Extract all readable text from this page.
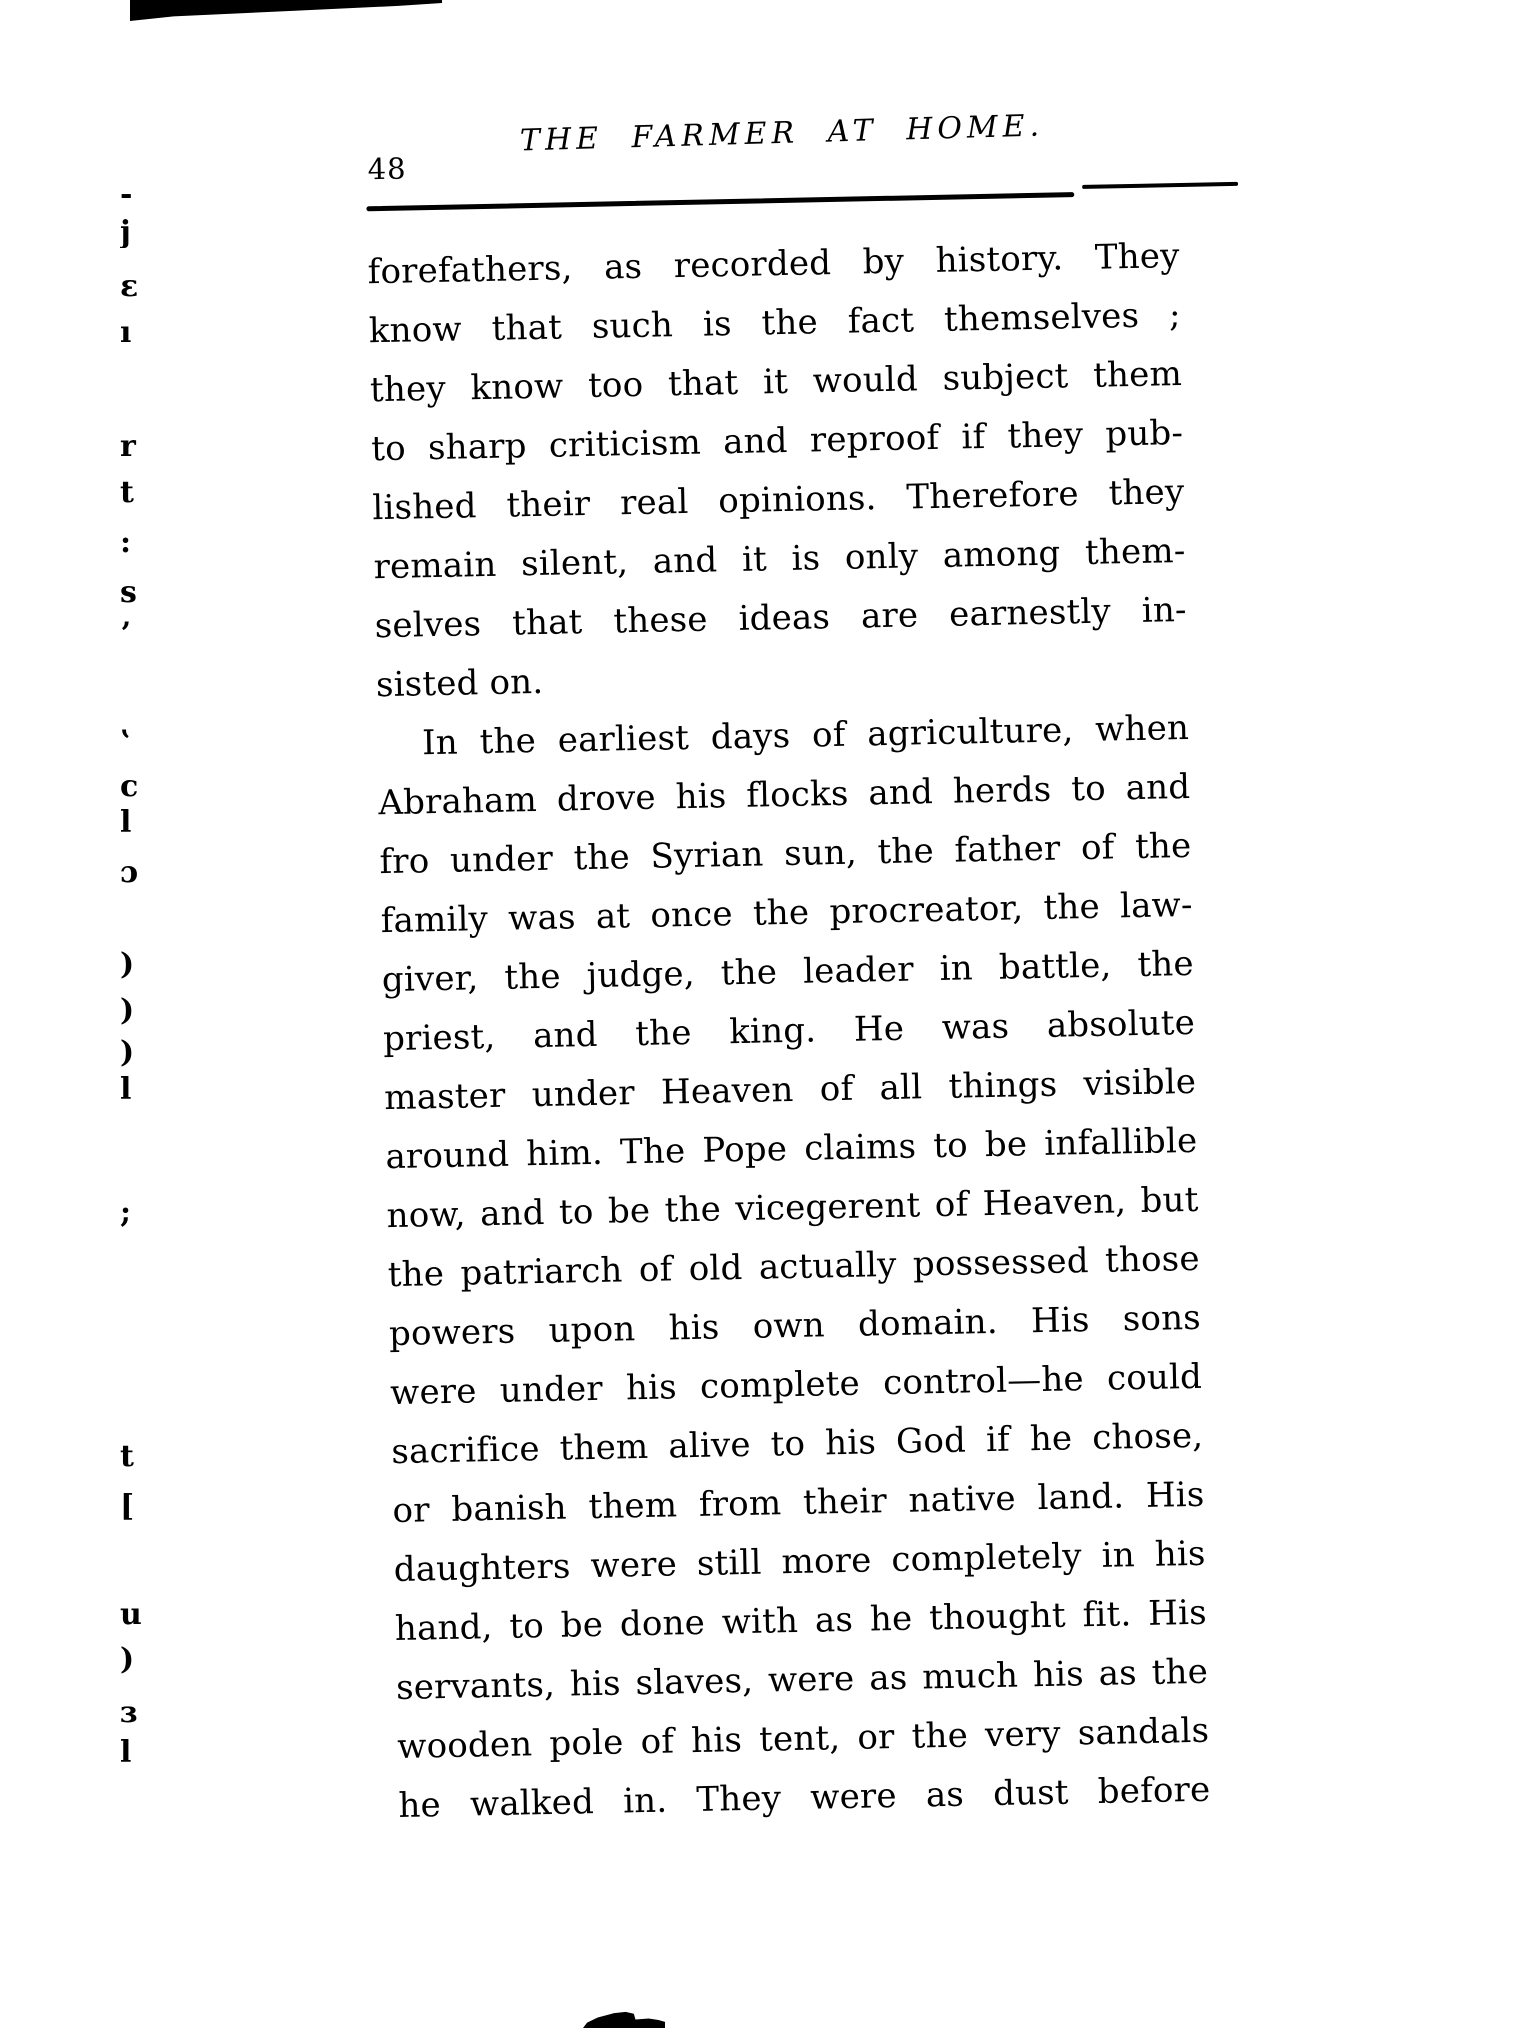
-
j
ɛ
ı
r
t
:
s
ʼ
ʽ
c
l
ɔ
)
)
)
l
;
t
[
u
)
ɜ
l
48
THE FARMER AT HOME.
forefathers, as recorded by history. They
know that such is the fact themselves ;
they know too that it would subject them
to sharp criticism and reproof if they pub-
lished their real opinions. Therefore they
remain silent, and it is only among them-
selves that these ideas are earnestly in-
sisted on.
In the earliest days of agriculture, when
Abraham drove his flocks and herds to and
fro under the Syrian sun, the father of the
family was at once the procreator, the law-
giver, the judge, the leader in battle, the
priest, and the king. He was absolute
master under Heaven of all things visible
around him. The Pope claims to be infallible
now, and to be the vicegerent of Heaven, but
the patriarch of old actually possessed those
powers upon his own domain. His sons
were under his complete control—he could
sacrifice them alive to his God if he chose,
or banish them from their native land. His
daughters were still more completely in his
hand, to be done with as he thought fit. His
servants, his slaves, were as much his as the
wooden pole of his tent, or the very sandals
he walked in. They were as dust before
